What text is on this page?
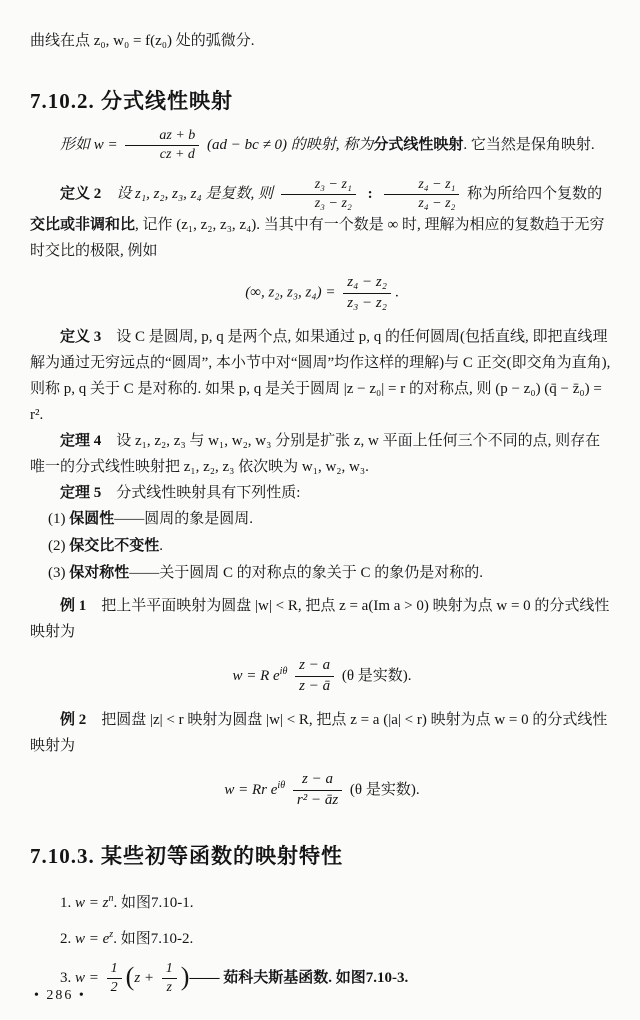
曲线在点 z₀, w₀ = f(z₀) 处的弧微分.

7.10.2. 分式线性映射

形如 $w = \frac{az + b}{cz + d} (ad$ − bc ≠ 0) 的映射, 称为分式线性映射. 它当然是保角映射.

定义 2 设 z₁, z₂, z₃, z₄ 是复数, 则 $\frac{\text{z₃ − z₁}}{\text{z₃ − z₂}}$ : $\frac{\text{z₄ − z₁}}{\text{z₄ − z₂}}$ 称为所给四个复数的交比或非调和比, 记作 (z₁, z₂, z₃, z₄). 当其中有一个数是 ∞ 时, 理解为相应的复数趋于无穷时交比的极限, 例如

(∞, z₂, z₃, $z_4) = \frac{\text{z₄ − z₂}}{\text{z₃ − z₂}}$ .

定义 3 设 C 是圆周, p, q 是两个点, 如果通过 p, q 的任何圆周(包括直线, 即把直线理解为通过无穷远点的“圆周”, 本小节中对“圆周”均作这样的理解)与 C 正交(即交角为直角), 则称 p, q 关于 C 是对称的. 如果 p, q 是关于圆周 |z − z₀| = r 的对称点, 则 (p − z₀) (q̄ − z̄₀) = r².

定理 4 设 z₁, z₂, z₃ 与 w₁, w₂, w₃ 分别是扩张 z, w 平面上任何三个不同的点, 则存在唯一的分式线性映射把 z₁, z₂, z₃ 依次映为 w₁, w₂, w₃.

定理 5 分式线性映射具有下列性质:

(1) 保圆性——圆周的象是圆周.

(2) 保交比不变性.

(3) 保对称性——关于圆周 C 的对称点的象关于 C 的象仍是对称的.

例 1 把上半平面映射为圆盘 |w| < R, 把点 z = a(Im a > 0) 映射为点 w = 0 的分式线性映射为

w = R $e^{i\theta} \frac{z - a}{z - ā} (\theta$ 是实数).

例 2 把圆盘 |z| < r 映射为圆盘 |w| < R, 把点 z = a (|a| < r) 映射为点 w = 0 的分式线性映射为

w = Rr $e^{i\theta} \frac{z - a}{\text{r² − āz}} (\theta$ 是实数).
7.10.3. 某些初等函数的映射特性

1. $w = z^n$. 如图7.10-1.

2. $w = e^z$. 如图7.10-2.

3. $w = \frac{1}{2} (z + \frac{1}{z}$ )—— 茹科夫斯基函数. 如图7.10-3.

• 286 •
